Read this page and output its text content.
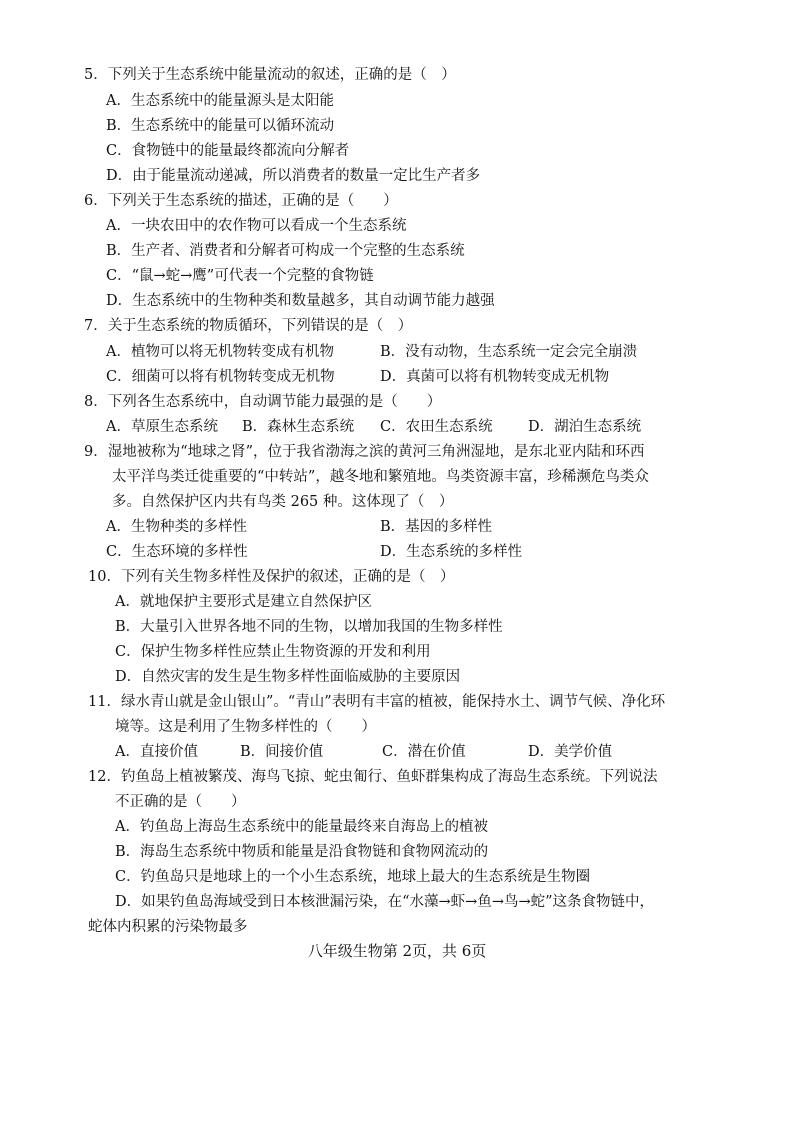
5．下列关于生态系统中能量流动的叙述，正确的是（　）
A．生态系统中的能量源头是太阳能
B．生态系统中的能量可以循环流动
C．食物链中的能量最终都流向分解者
D．由于能量流动递减，所以消费者的数量一定比生产者多
6．下列关于生态系统的描述，正确的是（　　）
A．一块农田中的农作物可以看成一个生态系统
B．生产者、消费者和分解者可构成一个完整的生态系统
C．“鼠→蛇→鹰”可代表一个完整的食物链
D．生态系统中的生物种类和数量越多，其自动调节能力越强
7．关于生态系统的物质循环，下列错误的是（　）
A．植物可以将无机物转变成有机物	B．没有动物，生态系统一定会完全崩溃
C．细菌可以将有机物转变成无机物	D．真菌可以将有机物转变成无机物
8．下列各生态系统中，自动调节能力最强的是（　　）
A．草原生态系统 B．森林生态系统 C．农田生态系统 D．湖泊生态系统
9．湿地被称为“地球之肾”，位于我省渤海之滨的黄河三角洲湿地，是东北亚内陆和环西
太平洋鸟类迁徙重要的“中转站”，越冬地和繁殖地。鸟类资源丰富，珍稀濒危鸟类众
多。自然保护区内共有鸟类 265 种。这体现了（　）
A．生物种类的多样性	B．基因的多样性
C．生态环境的多样性	D．生态系统的多样性
10．下列有关生物多样性及保护的叙述，正确的是（　）
A．就地保护主要形式是建立自然保护区
B．大量引入世界各地不同的生物，以增加我国的生物多样性
C．保护生物多样性应禁止生物资源的开发和利用
D．自然灾害的发生是生物多样性面临威胁的主要原因
11．绿水青山就是金山银山”。“青山”表明有丰富的植被，能保持水土、调节气候、净化环
境等。这是利用了生物多样性的（　　）
A．直接价值	B．间接价值	C．潜在价值	D．美学价值
12．钓鱼岛上植被繁茂、海鸟飞掠、蛇虫匍行、鱼虾群集构成了海岛生态系统。下列说法
不正确的是（　　）
A．钓鱼岛上海岛生态系统中的能量最终来自海岛上的植被
B．海岛生态系统中物质和能量是沿食物链和食物网流动的
C．钓鱼岛只是地球上的一个小生态系统，地球上最大的生态系统是生物圈
D．如果钓鱼岛海域受到日本核泄漏污染，在“水藻→虾→鱼→鸟→蛇”这条食物链中，
蛇体内积累的污染物最多
八年级生物第 2页，共 6页
